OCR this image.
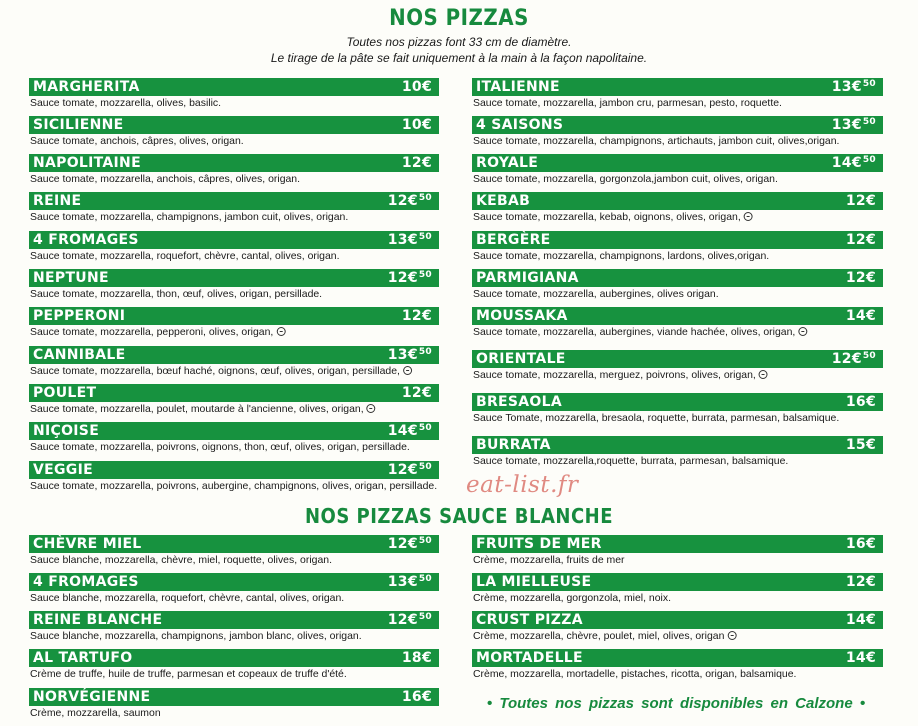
NOS PIZZAS
Toutes nos pizzas font 33 cm de diamètre.
Le tirage de la pâte se fait uniquement à la main à la façon napolitaine.
MARGHERITA	10€
Sauce tomate, mozzarella, olives, basilic.
SICILIENNE	10€
Sauce tomate, anchois, câpres, olives, origan.
NAPOLITAINE	12€
Sauce tomate, mozzarella, anchois, câpres, olives, origan.
REINE	12€$^{50}$
Sauce tomate, mozzarella, champignons, jambon cuit, olives, origan.
4 FROMAGES	13€$^{50}$
Sauce tomate, mozzarella, roquefort, chèvre, cantal, olives, origan.
NEPTUNE	12€$^{50}$
Sauce tomate, mozzarella, thon, œuf, olives, origan, persillade.
PEPPERONI	12€
Sauce tomate, mozzarella, pepperoni, olives, origan,
CANNIBALE	13€$^{50}$
Sauce tomate, mozzarella, bœuf haché, oignons, œuf, olives, origan, persillade,
POULET	12€
Sauce tomate, mozzarella, poulet, moutarde à l'ancienne, olives, origan,
NIÇOISE	14€$^{50}$
Sauce tomate, mozzarella, poivrons, oignons, thon, œuf, olives, origan, persillade.
VEGGIE	12€$^{50}$
Sauce tomate, mozzarella, poivrons, aubergine, champignons, olives, origan, persillade.
ITALIENNE	13€$^{50}$
Sauce tomate, mozzarella, jambon cru, parmesan, pesto, roquette.
4 SAISONS	13€$^{50}$
Sauce tomate, mozzarella, champignons, artichauts, jambon cuit, olives,origan.
ROYALE	14€$^{50}$
Sauce tomate, mozzarella, gorgonzola,jambon cuit, olives, origan.
KEBAB	12€
Sauce tomate, mozzarella, kebab, oignons, olives, origan,
BERGÈRE	12€
Sauce tomate, mozzarella, champignons, lardons, olives,origan.
PARMIGIANA	12€
Sauce tomate, mozzarella, aubergines, olives origan.
MOUSSAKA	14€
Sauce tomate, mozzarella, aubergines, viande hachée, olives, origan,
ORIENTALE	12€$^{50}$
Sauce tomate, mozzarella, merguez, poivrons, olives, origan,
BRESAOLA	16€
Sauce Tomate, mozzarella, bresaola, roquette, burrata, parmesan, balsamique.
BURRATA	15€
Sauce tomate, mozzarella,roquette, burrata, parmesan, balsamique.
eat-list.fr
NOS PIZZAS SAUCE BLANCHE
CHÈVRE MIEL	12€$^{50}$
Sauce blanche, mozzarella, chèvre, miel, roquette, olives, origan.
4 FROMAGES	13€$^{50}$
Sauce blanche, mozzarella, roquefort, chèvre, cantal, olives, origan.
REINE BLANCHE	12€$^{50}$
Sauce blanche, mozzarella, champignons, jambon blanc, olives, origan.
AL TARTUFO	18€
Crème de truffe, huile de truffe, parmesan et copeaux de truffe d'été.
NORVÉGIENNE	16€
Crème, mozzarella, saumon
FRUITS DE MER	16€
Crème, mozzarella, fruits de mer
LA MIELLEUSE	12€
Crème, mozzarella, gorgonzola, miel, noix.
CRUST PIZZA	14€
Crème, mozzarella, chèvre, poulet, miel, olives, origan
MORTADELLE	14€
Crème, mozzarella, mortadelle, pistaches, ricotta, origan, balsamique.
• Toutes nos pizzas sont disponibles en Calzone •
